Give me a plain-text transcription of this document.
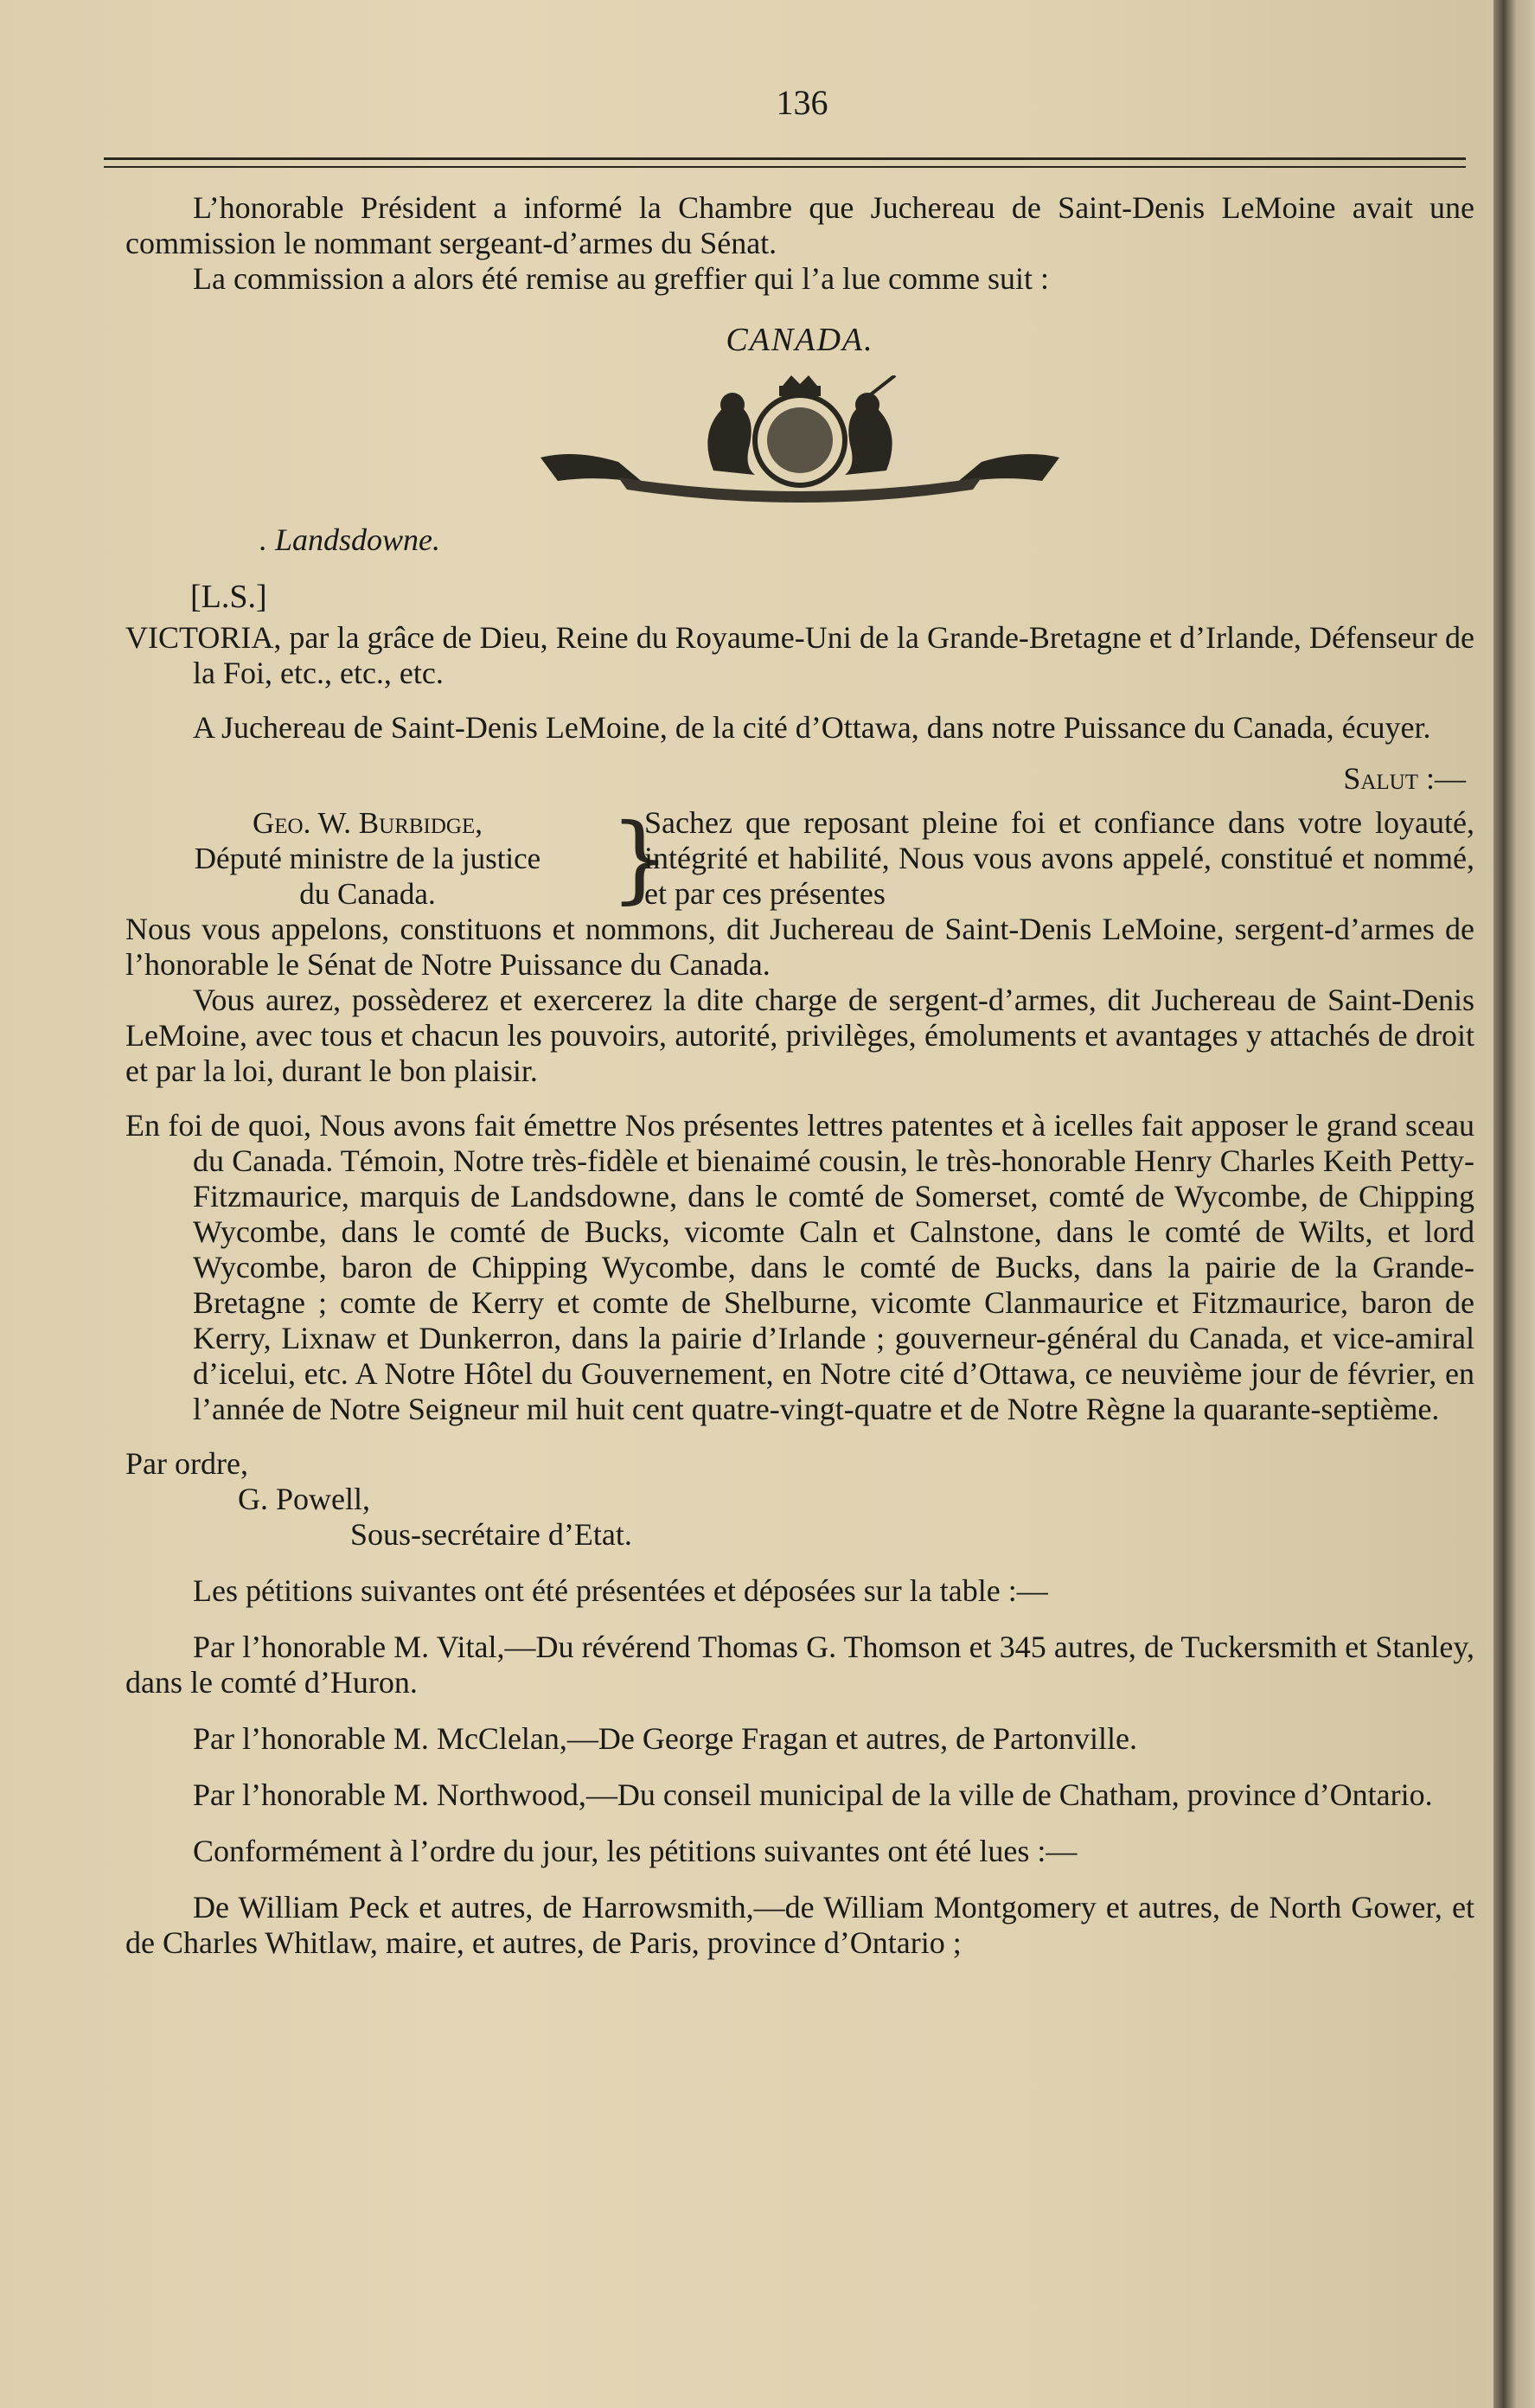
136

L’honorable Président a informé la Chambre que Juchereau de Saint-Denis LeMoine avait une commission le nommant sergeant-d’armes du Sénat.

La commission a alors été remise au greffier qui l’a lue comme suit :

CANADA.
. Landsdowne.
[L.S.]

VICTORIA, par la grâce de Dieu, Reine du Royaume-Uni de la Grande-Bretagne et d’Irlande, Défenseur de la Foi, etc., etc., etc.

A Juchereau de Saint-Denis LeMoine, de la cité d’Ottawa, dans notre Puissance du Canada, écuyer.

Salut :—
Geo. W. Burbidge,
Député ministre de la justice
du Canada.	}
Sachez que reposant pleine foi et confiance dans votre loyauté, intégrité et habilité, Nous vous avons appelé, constitué et nommé, et par ces présentes

Nous vous appelons, constituons et nommons, dit Juchereau de Saint-Denis LeMoine, sergent-d’armes de l’honorable le Sénat de Notre Puissance du Canada.

Vous aurez, possèderez et exercerez la dite charge de sergent-d’armes, dit Juchereau de Saint-Denis LeMoine, avec tous et chacun les pouvoirs, autorité, privilèges, émoluments et avantages y attachés de droit et par la loi, durant le bon plaisir.

En foi de quoi, Nous avons fait émettre Nos présentes lettres patentes et à icelles fait apposer le grand sceau du Canada. Témoin, Notre très-fidèle et bienaimé cousin, le très-honorable Henry Charles Keith Petty-Fitzmaurice, marquis de Landsdowne, dans le comté de Somerset, comté de Wycombe, de Chipping Wycombe, dans le comté de Bucks, vicomte Caln et Calnstone, dans le comté de Wilts, et lord Wycombe, baron de Chipping Wycombe, dans le comté de Bucks, dans la pairie de la Grande-Bretagne ; comte de Kerry et comte de Shelburne, vicomte Clanmaurice et Fitzmaurice, baron de Kerry, Lixnaw et Dunkerron, dans la pairie d’Irlande ; gouverneur-général du Canada, et vice-amiral d’icelui, etc. A Notre Hôtel du Gouvernement, en Notre cité d’Ottawa, ce neuvième jour de février, en l’année de Notre Seigneur mil huit cent quatre-vingt-quatre et de Notre Règne la quarante-septième.
Par ordre,
G. Powell,
Sous-secrétaire d’Etat.

Les pétitions suivantes ont été présentées et déposées sur la table :—

Par l’honorable M. Vital,—Du révérend Thomas G. Thomson et 345 autres, de Tuckersmith et Stanley, dans le comté d’Huron.

Par l’honorable M. McClelan,—De George Fragan et autres, de Partonville.

Par l’honorable M. Northwood,—Du conseil municipal de la ville de Chatham, province d’Ontario.

Conformément à l’ordre du jour, les pétitions suivantes ont été lues :—

De William Peck et autres, de Harrowsmith,—de William Montgomery et autres, de North Gower, et de Charles Whitlaw, maire, et autres, de Paris, province d’Ontario ;
